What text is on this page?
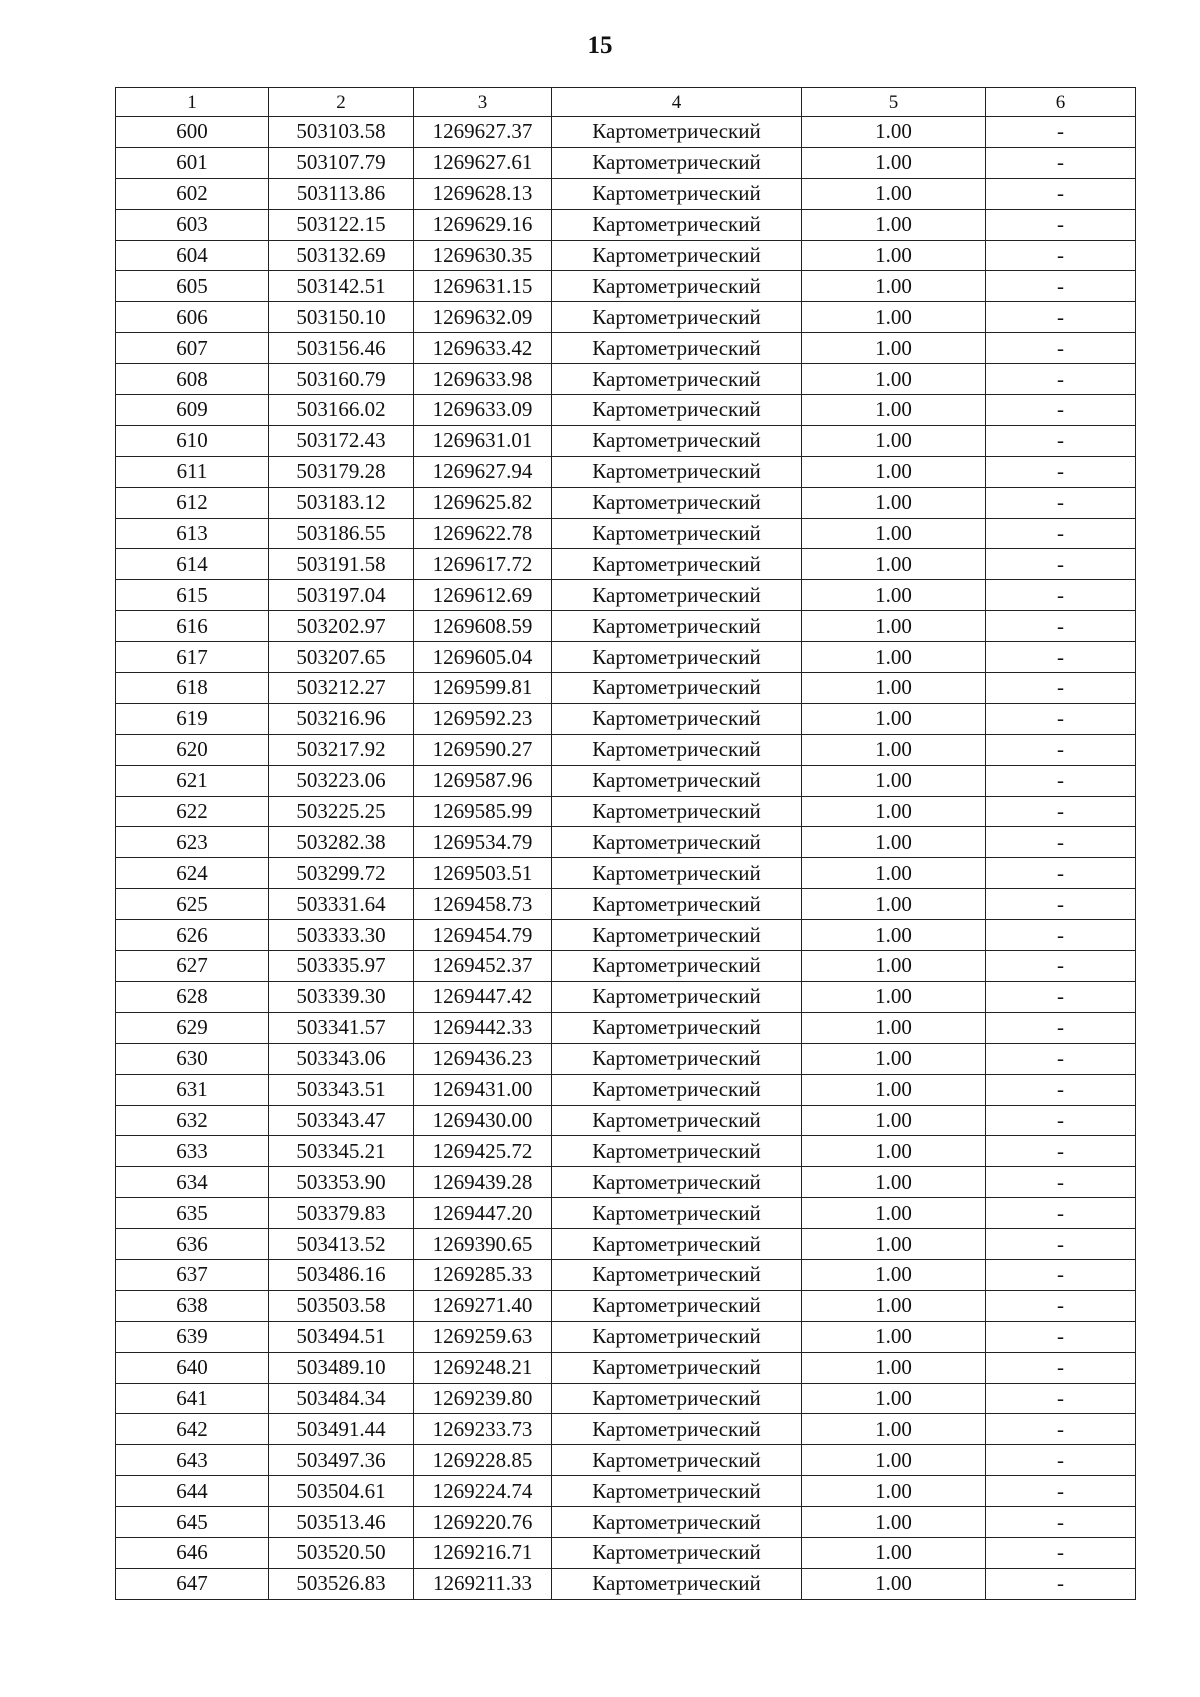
15
1	2	3	4	5	6
600	503103.58	1269627.37	Картометрический	1.00	-
601	503107.79	1269627.61	Картометрический	1.00	-
602	503113.86	1269628.13	Картометрический	1.00	-
603	503122.15	1269629.16	Картометрический	1.00	-
604	503132.69	1269630.35	Картометрический	1.00	-
605	503142.51	1269631.15	Картометрический	1.00	-
606	503150.10	1269632.09	Картометрический	1.00	-
607	503156.46	1269633.42	Картометрический	1.00	-
608	503160.79	1269633.98	Картометрический	1.00	-
609	503166.02	1269633.09	Картометрический	1.00	-
610	503172.43	1269631.01	Картометрический	1.00	-
611	503179.28	1269627.94	Картометрический	1.00	-
612	503183.12	1269625.82	Картометрический	1.00	-
613	503186.55	1269622.78	Картометрический	1.00	-
614	503191.58	1269617.72	Картометрический	1.00	-
615	503197.04	1269612.69	Картометрический	1.00	-
616	503202.97	1269608.59	Картометрический	1.00	-
617	503207.65	1269605.04	Картометрический	1.00	-
618	503212.27	1269599.81	Картометрический	1.00	-
619	503216.96	1269592.23	Картометрический	1.00	-
620	503217.92	1269590.27	Картометрический	1.00	-
621	503223.06	1269587.96	Картометрический	1.00	-
622	503225.25	1269585.99	Картометрический	1.00	-
623	503282.38	1269534.79	Картометрический	1.00	-
624	503299.72	1269503.51	Картометрический	1.00	-
625	503331.64	1269458.73	Картометрический	1.00	-
626	503333.30	1269454.79	Картометрический	1.00	-
627	503335.97	1269452.37	Картометрический	1.00	-
628	503339.30	1269447.42	Картометрический	1.00	-
629	503341.57	1269442.33	Картометрический	1.00	-
630	503343.06	1269436.23	Картометрический	1.00	-
631	503343.51	1269431.00	Картометрический	1.00	-
632	503343.47	1269430.00	Картометрический	1.00	-
633	503345.21	1269425.72	Картометрический	1.00	-
634	503353.90	1269439.28	Картометрический	1.00	-
635	503379.83	1269447.20	Картометрический	1.00	-
636	503413.52	1269390.65	Картометрический	1.00	-
637	503486.16	1269285.33	Картометрический	1.00	-
638	503503.58	1269271.40	Картометрический	1.00	-
639	503494.51	1269259.63	Картометрический	1.00	-
640	503489.10	1269248.21	Картометрический	1.00	-
641	503484.34	1269239.80	Картометрический	1.00	-
642	503491.44	1269233.73	Картометрический	1.00	-
643	503497.36	1269228.85	Картометрический	1.00	-
644	503504.61	1269224.74	Картометрический	1.00	-
645	503513.46	1269220.76	Картометрический	1.00	-
646	503520.50	1269216.71	Картометрический	1.00	-
647	503526.83	1269211.33	Картометрический	1.00	-
